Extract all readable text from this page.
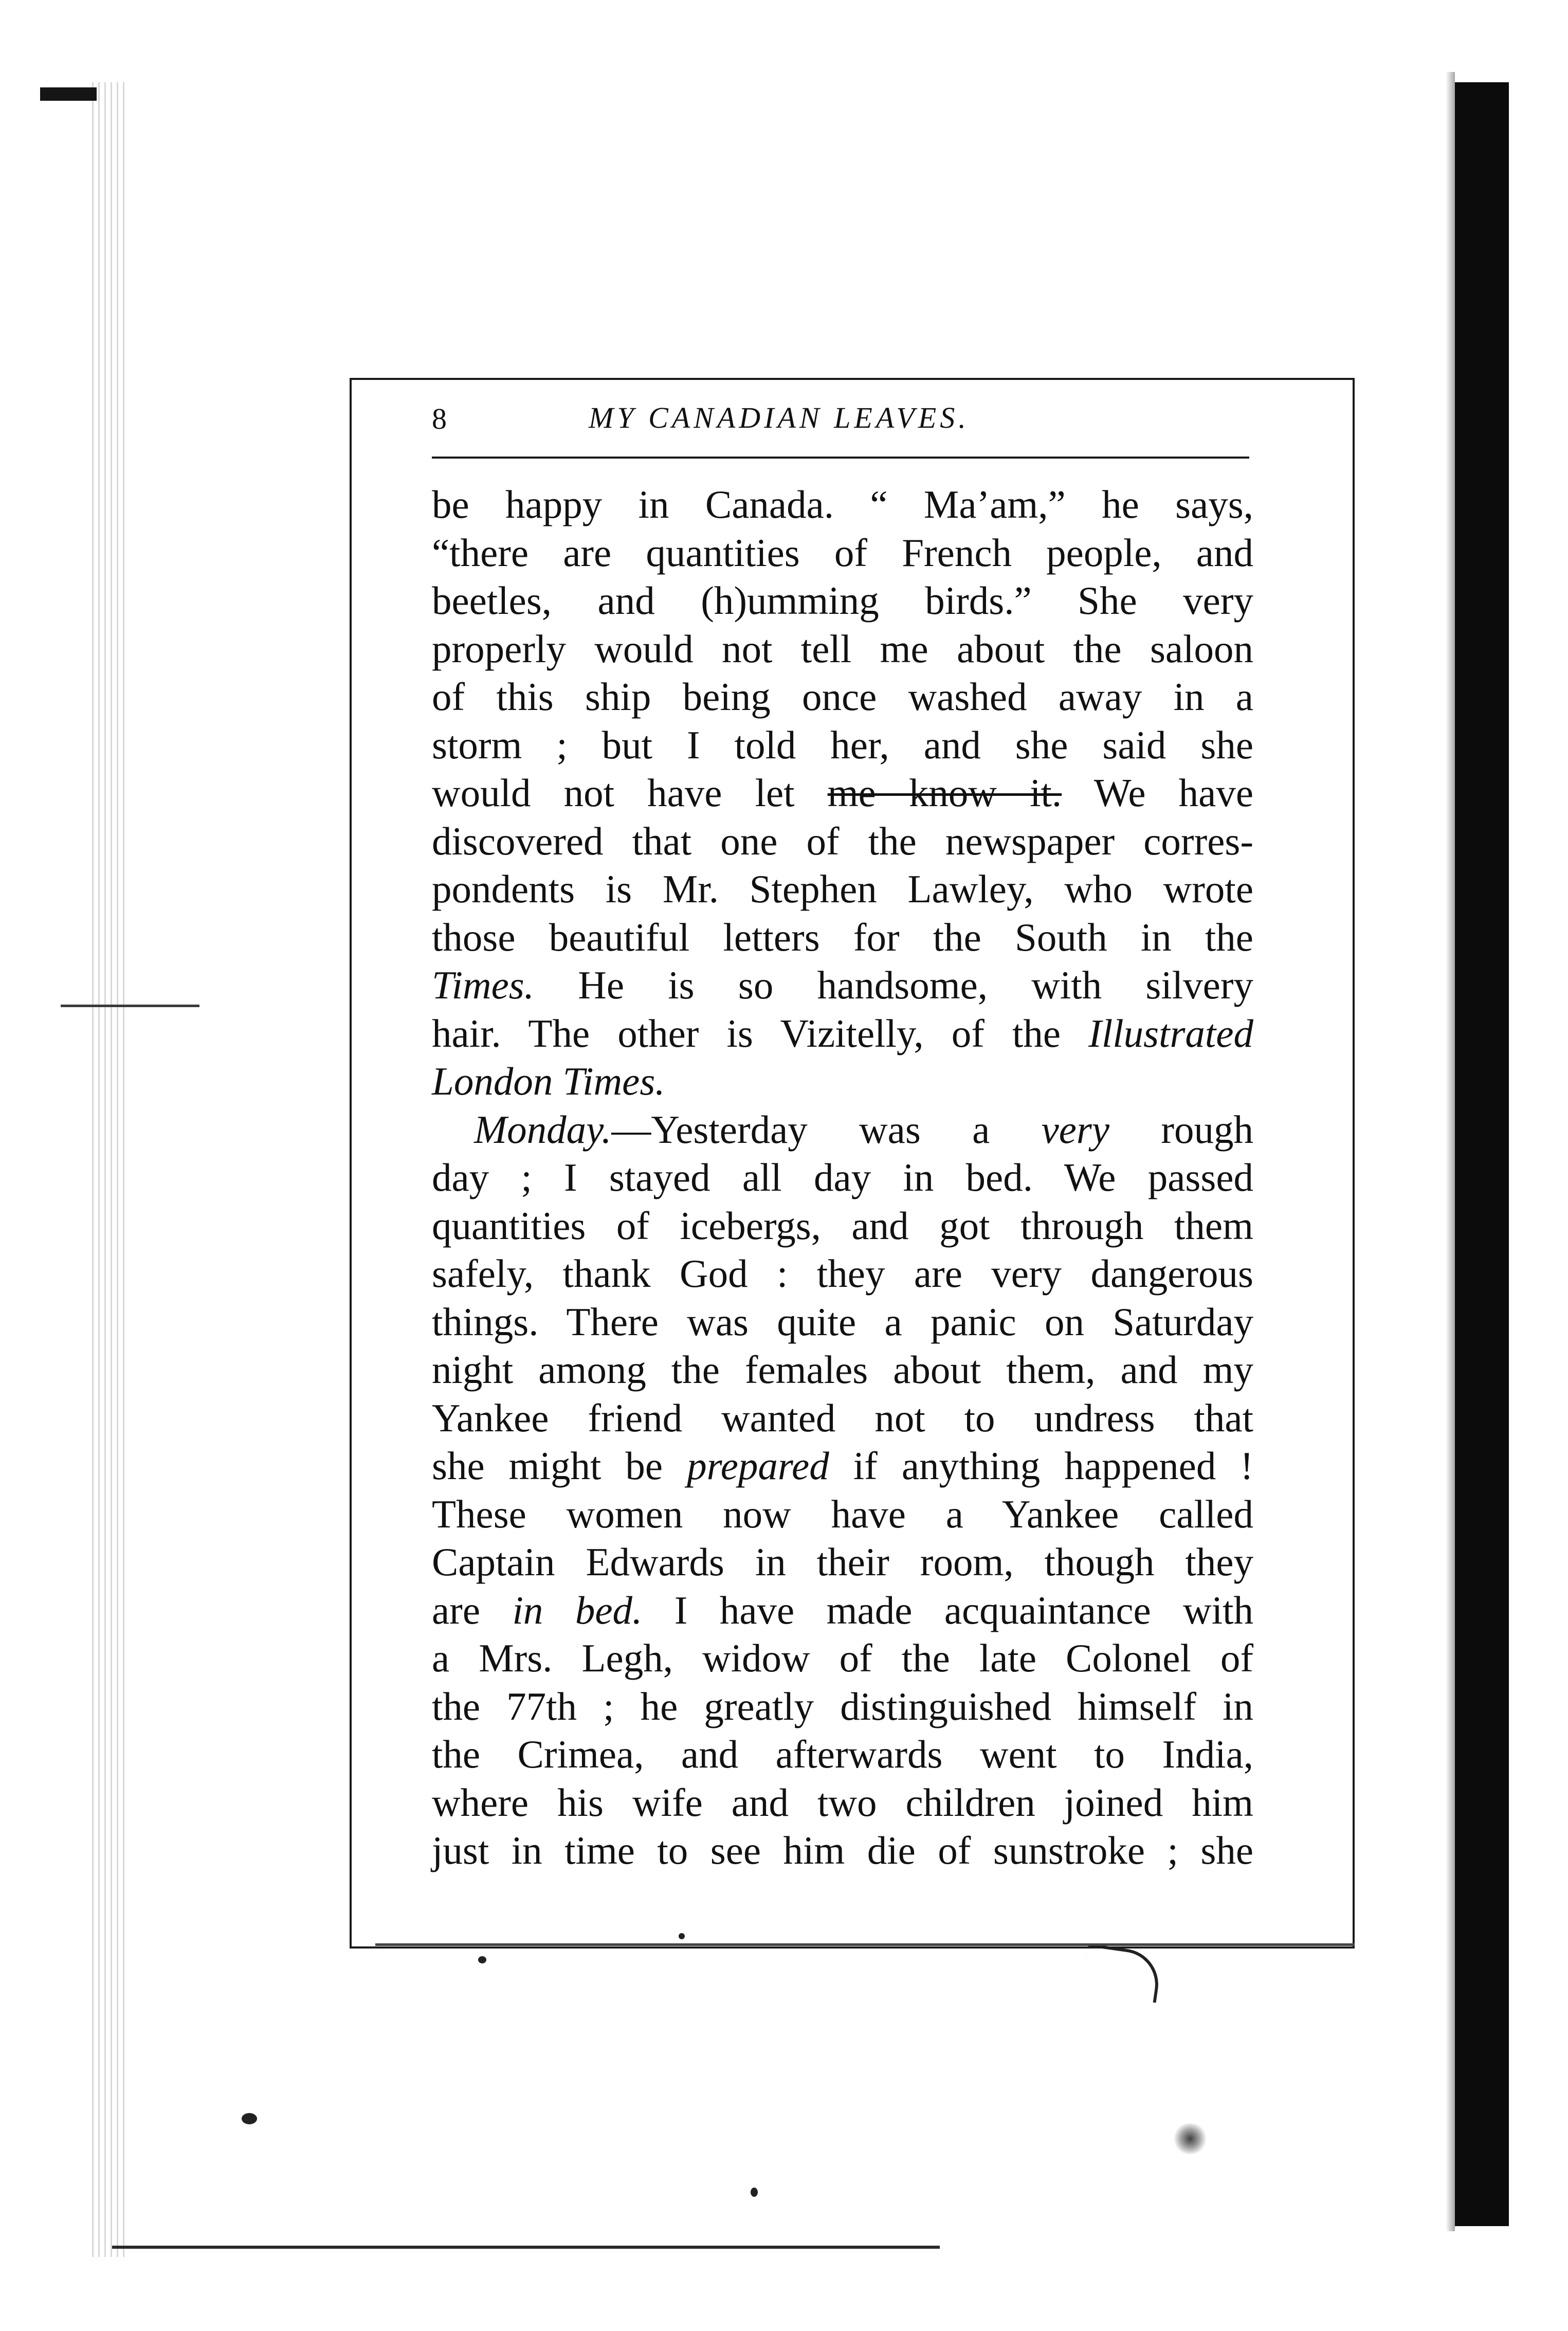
8	MY CANADIAN LEAVES.
be happy in Canada. “ Ma’am,” he says,
“there are quantities of French people, and
beetles, and (h)umming birds.” She very
properly would not tell me about the saloon
of this ship being once washed away in a
storm ; but I told her, and she said she
would not have let me know it. We have
discovered that one of the newspaper corres-
pondents is Mr. Stephen Lawley, who wrote
those beautiful letters for the South in the
Times. He is so handsome, with silvery
hair. The other is Vizitelly, of the Illustrated
London Times.
Monday.—Yesterday was a very rough
day ; I stayed all day in bed. We passed
quantities of icebergs, and got through them
safely, thank God : they are very dangerous
things. There was quite a panic on Saturday
night among the females about them, and my
Yankee friend wanted not to undress that
she might be prepared if anything happened !
These women now have a Yankee called
Captain Edwards in their room, though they
are in bed. I have made acquaintance with
a Mrs. Legh, widow of the late Colonel of
the 77th ; he greatly distinguished himself in
the Crimea, and afterwards went to India,
where his wife and two children joined him
just in time to see him die of sunstroke ; she
